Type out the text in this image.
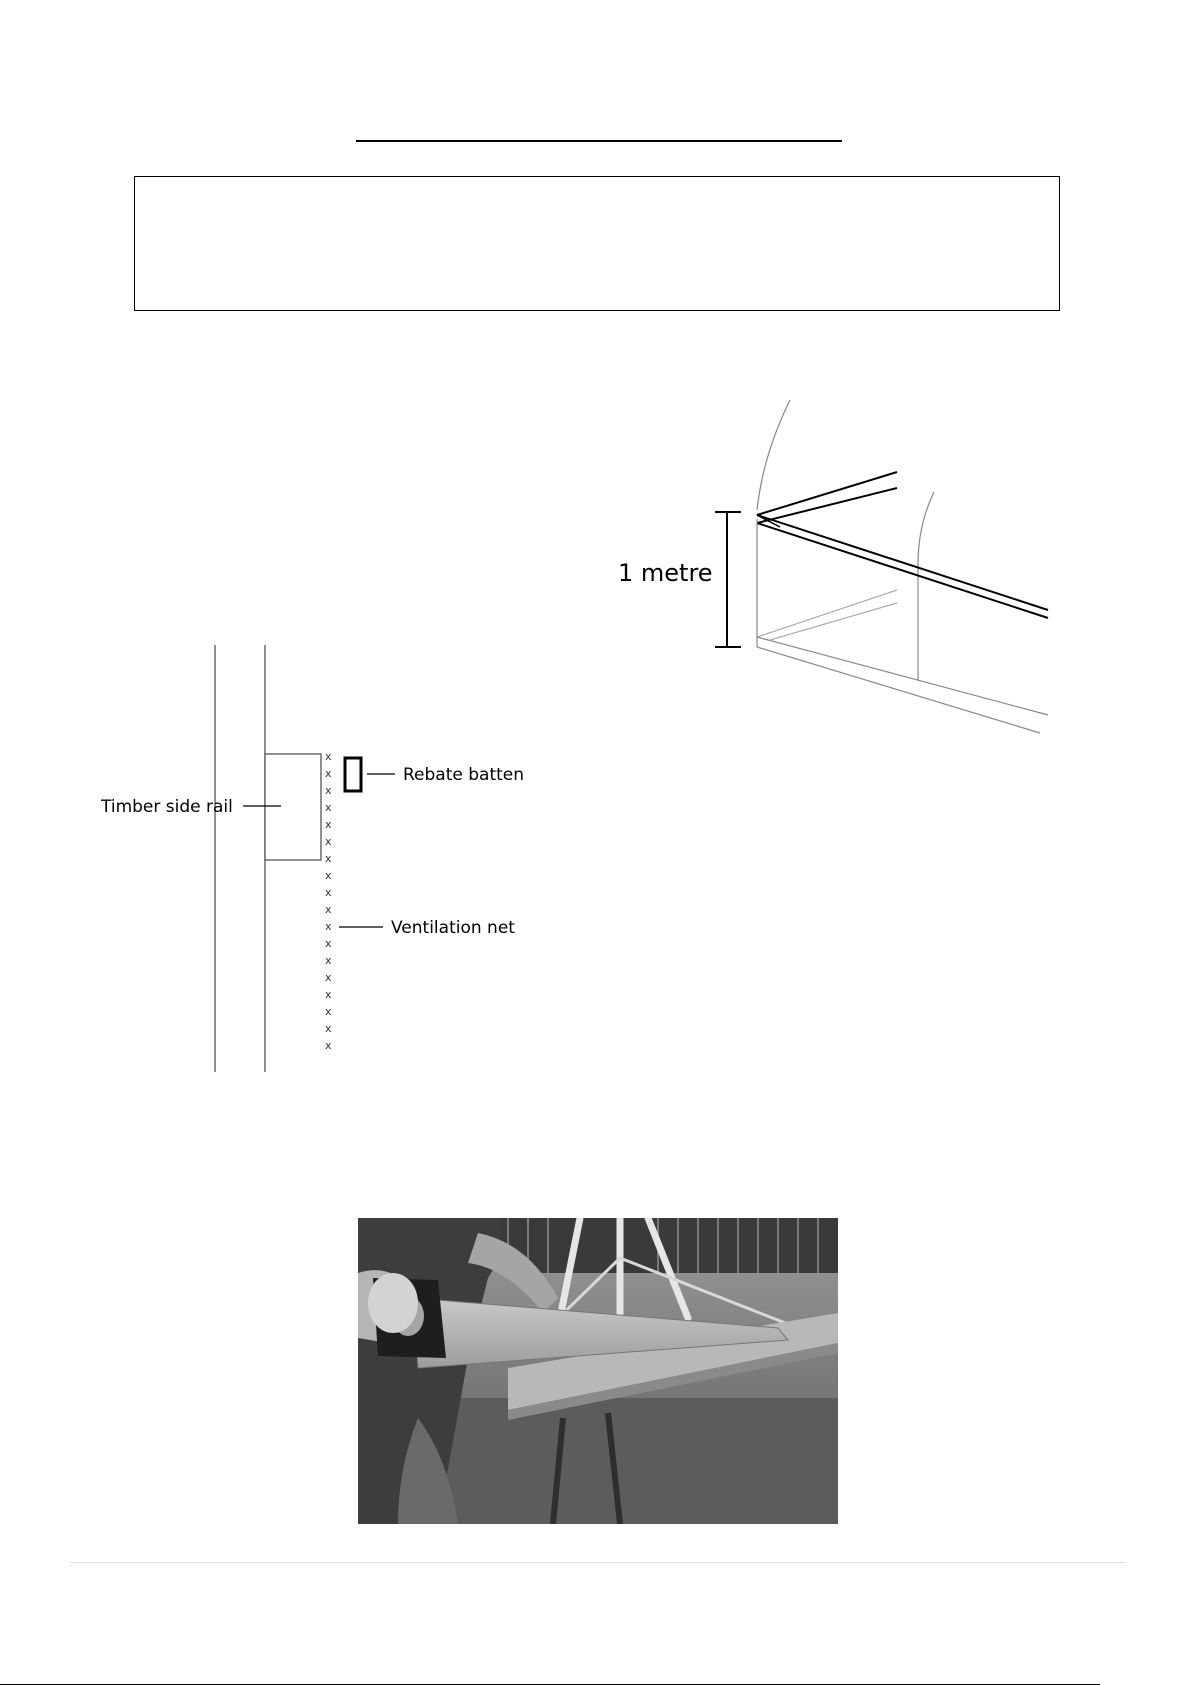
1 metre
Timber side rail
Rebate batten
Ventilation net
x
x
x
x
x
x
x
x
x
x
x
x
x
x
x
x
x
x
